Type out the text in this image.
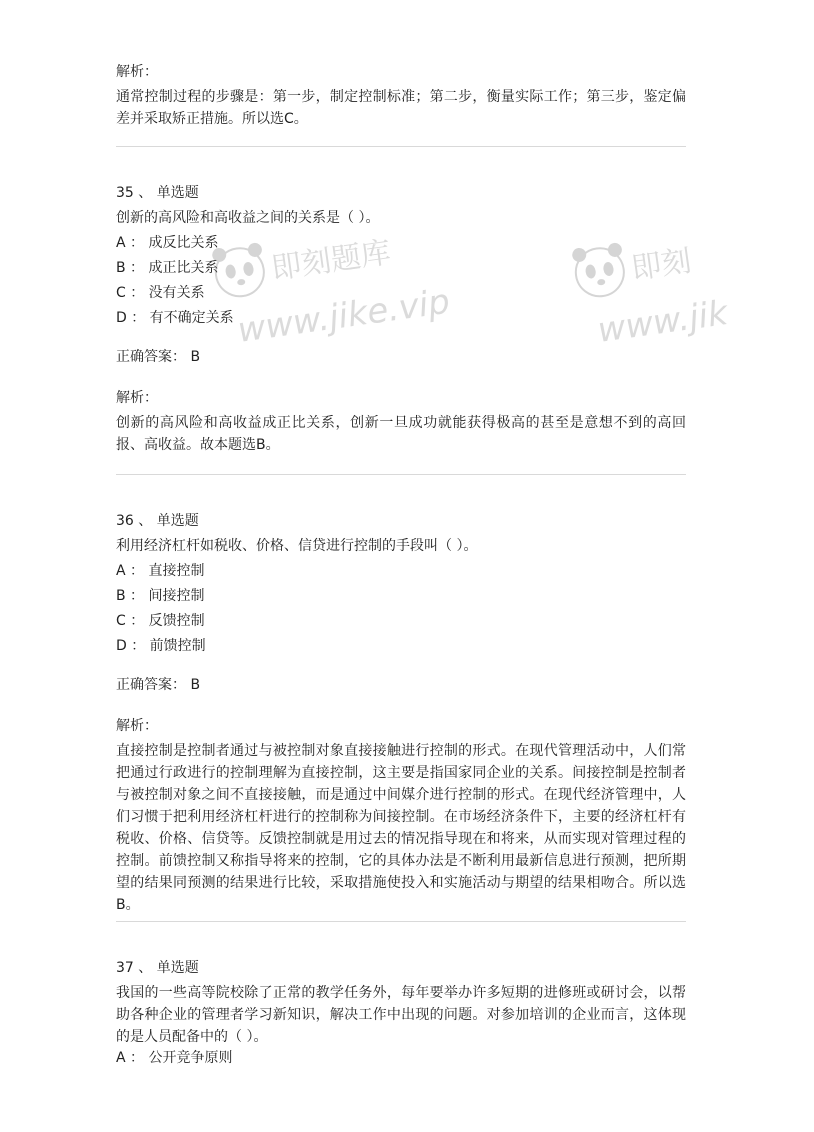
解析：
通常控制过程的步骤是：第一步，制定控制标准；第二步，衡量实际工作；第三步，鉴定偏差并采取矫正措施。所以选C。
35 、 单选题
创新的高风险和高收益之间的关系是（ ）。
A ： 成反比关系
B ： 成正比关系
C ： 没有关系
D ： 有不确定关系
正确答案： B
解析：
创新的高风险和高收益成正比关系，创新一旦成功就能获得极高的甚至是意想不到的高回报、高收益。故本题选B。
36 、 单选题
利用经济杠杆如税收、价格、信贷进行控制的手段叫（ ）。
A ： 直接控制
B ： 间接控制
C ： 反馈控制
D ： 前馈控制
正确答案： B
解析：
直接控制是控制者通过与被控制对象直接接触进行控制的形式。在现代管理活动中，人们常把通过行政进行的控制理解为直接控制，这主要是指国家同企业的关系。间接控制是控制者与被控制对象之间不直接接触，而是通过中间媒介进行控制的形式。在现代经济管理中，人们习惯于把利用经济杠杆进行的控制称为间接控制。在市场经济条件下，主要的经济杠杆有税收、价格、信贷等。反馈控制就是用过去的情况指导现在和将来，从而实现对管理过程的控制。前馈控制又称指导将来的控制，它的具体办法是不断利用最新信息进行预测，把所期望的结果同预测的结果进行比较，采取措施使投入和实施活动与期望的结果相吻合。所以选B。
37 、 单选题
我国的一些高等院校除了正常的教学任务外，每年要举办许多短期的进修班或研讨会，以帮助各种企业的管理者学习新知识，解决工作中出现的问题。对参加培训的企业而言，这体现的是人员配备中的（ ）。
A ： 公开竞争原则
即刻题库
www.jike.vip
即刻
www.jik
